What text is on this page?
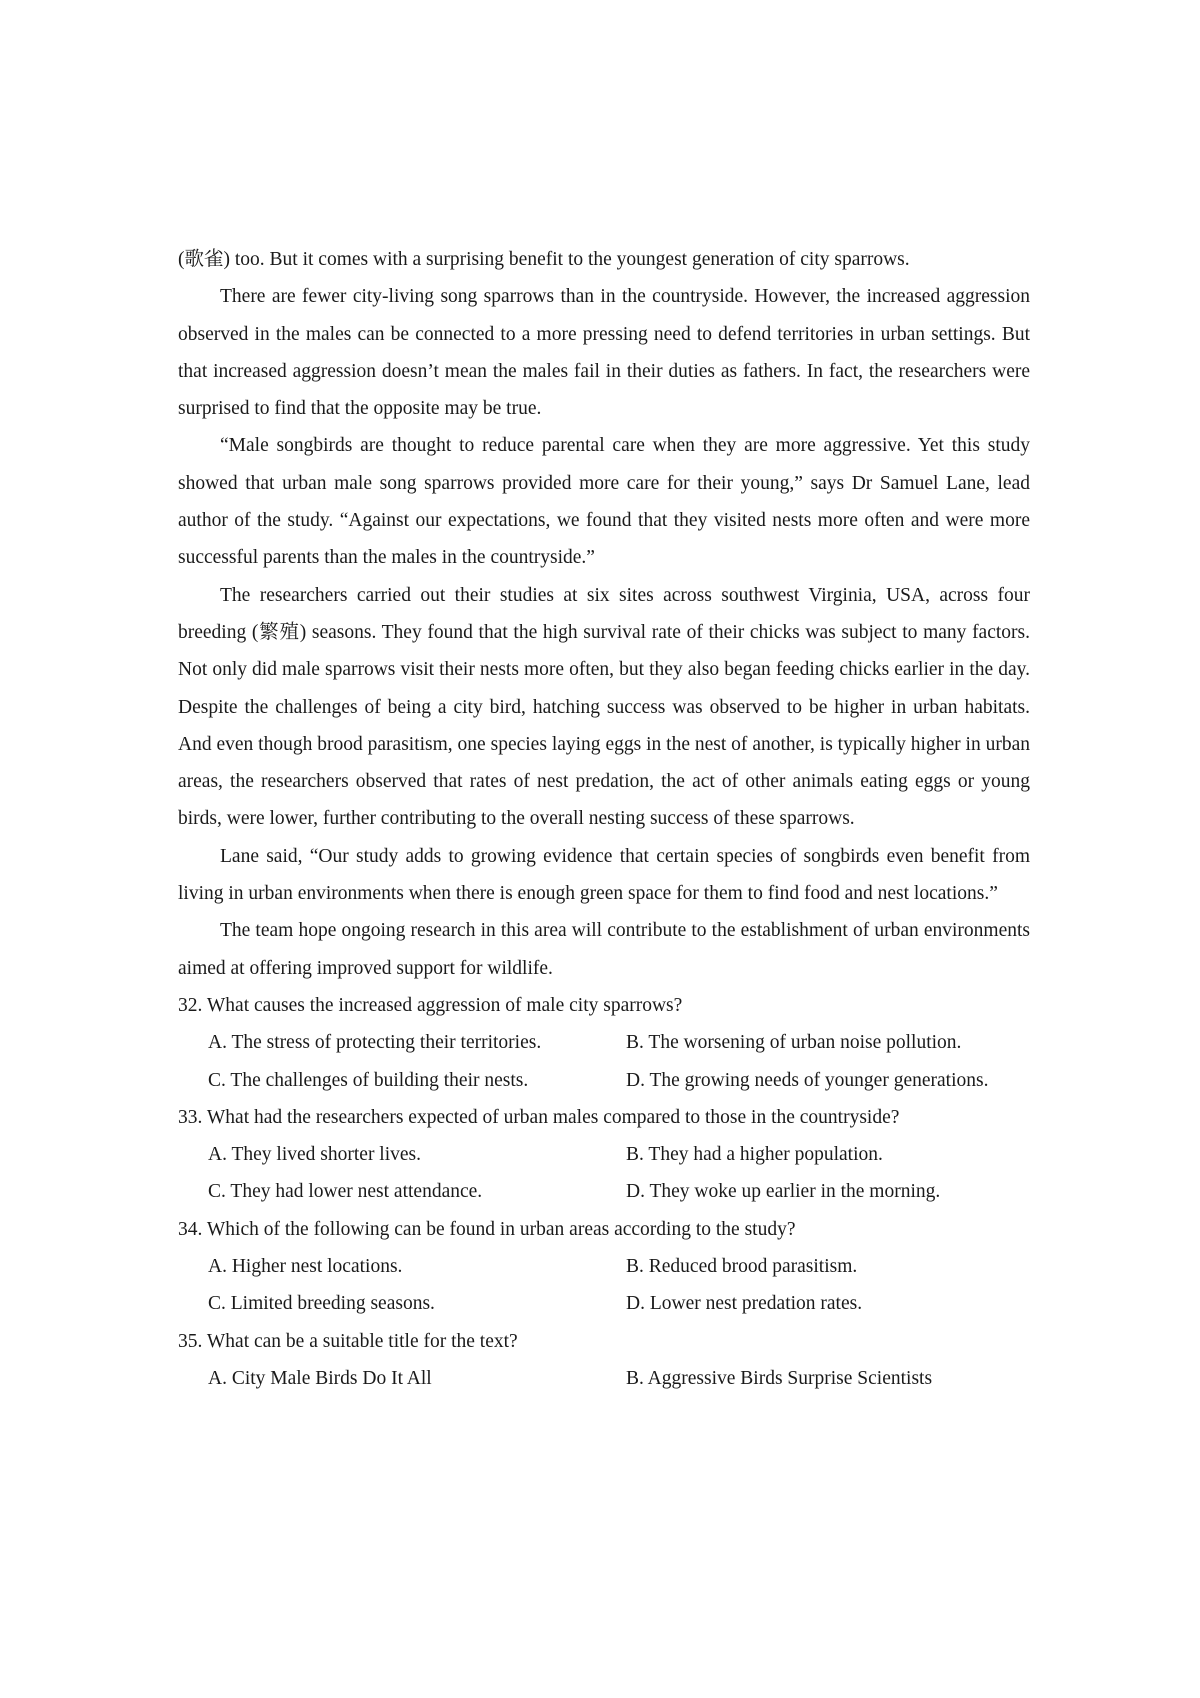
(歌雀) too. But it comes with a surprising benefit to the youngest generation of city sparrows.

There are fewer city-living song sparrows than in the countryside. However, the increased aggression observed in the males can be connected to a more pressing need to defend territories in urban settings. But that increased aggression doesn’t mean the males fail in their duties as fathers. In fact, the researchers were surprised to find that the opposite may be true.

“Male songbirds are thought to reduce parental care when they are more aggressive. Yet this study showed that urban male song sparrows provided more care for their young,” says Dr Samuel Lane, lead author of the study. “Against our expectations, we found that they visited nests more often and were more successful parents than the males in the countryside.”

The researchers carried out their studies at six sites across southwest Virginia, USA, across four breeding (繁殖) seasons. They found that the high survival rate of their chicks was subject to many factors. Not only did male sparrows visit their nests more often, but they also began feeding chicks earlier in the day. Despite the challenges of being a city bird, hatching success was observed to be higher in urban habitats. And even though brood parasitism, one species laying eggs in the nest of another, is typically higher in urban areas, the researchers observed that rates of nest predation, the act of other animals eating eggs or young birds, were lower, further contributing to the overall nesting success of these sparrows.

Lane said, “Our study adds to growing evidence that certain species of songbirds even benefit from living in urban environments when there is enough green space for them to find food and nest locations.”

The team hope ongoing research in this area will contribute to the establishment of urban environments aimed at offering improved support for wildlife.

32. What causes the increased aggression of male city sparrows?

A. The stress of protecting their territories.	B. The worsening of urban noise pollution.
C. The challenges of building their nests.	D. The growing needs of younger generations.

33. What had the researchers expected of urban males compared to those in the countryside?

A. They lived shorter lives.	B. They had a higher population.
C. They had lower nest attendance.	D. They woke up earlier in the morning.

34. Which of the following can be found in urban areas according to the study?

A. Higher nest locations.	B. Reduced brood parasitism.
C. Limited breeding seasons.	D. Lower nest predation rates.

35. What can be a suitable title for the text?

A. City Male Birds Do It All	B. Aggressive Birds Surprise Scientists
